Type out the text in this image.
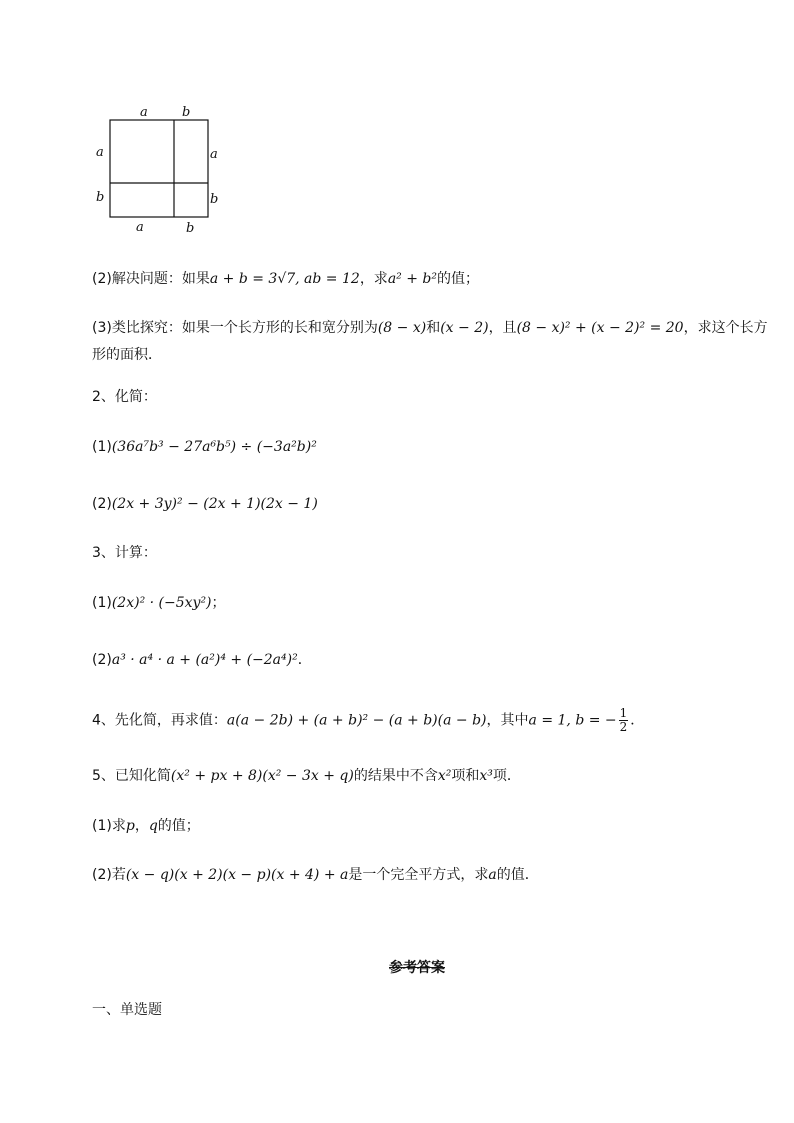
a	b
a
b
a
b
a	b
(2)解决问题：如果a + b = 3√7, ab = 12，求a² + b²的值；
(3)类比探究：如果一个长方形的长和宽分别为(8 − x)和(x − 2)，且(8 − x)² + (x − 2)² = 20，求这个长方
形的面积．
2、化简：
(1)(36a⁷b³ − 27a⁶b⁵) ÷ (−3a²b)²
(2)(2x + 3y)² − (2x + 1)(2x − 1)
3、计算：
(1)(2x)² · (−5xy²)；
(2)a³ · a⁴ · a + (a²)⁴ + (−2a⁴)²．
4、先化简，再求值：a(a − 2b) + (a + b)² − (a + b)(a − b)，其中a = 1, b = − $\frac{1}{2}$ ．
5、已知化简(x² + px + 8)(x² − 3x + q)的结果中不含x²项和x³项．
(1)求p，q的值；
(2)若(x − q)(x + 2)(x − p)(x + 4) + a是一个完全平方式，求a的值．
参考答案
一、单选题
